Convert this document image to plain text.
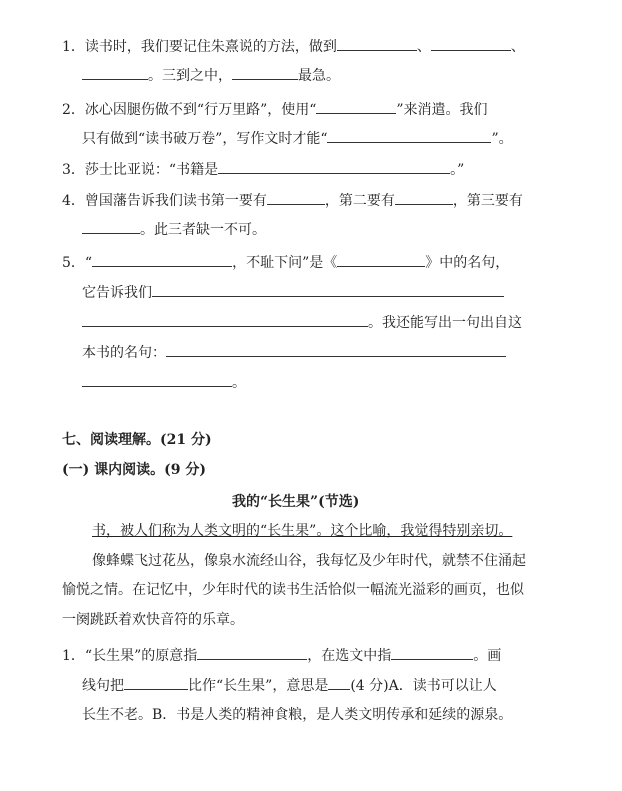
1．读书时，我们要记住朱熹说的方法，做到	、	、
。三到之中，	最急。
2．冰心因腿伤做不到“行万里路”，使用“	”来消遣。我们
只有做到“读书破万卷”，写作文时才能“	”。
3．莎士比亚说：“书籍是	。”
4．曾国藩告诉我们读书第一要有	，第二要有	，第三要有
。此三者缺一不可。
5．“	，不耻下问”是《	》中的名句，
它告诉我们
。我还能写出一句出自这
本书的名句：
。
七、阅读理解。(21 分)
(一) 课内阅读。(9 分)
我的“长生果”(节选)
书，被人们称为人类文明的“长生果”。这个比喻，我觉得特别亲切。
像蜂蝶飞过花丛，像泉水流经山谷，我每忆及少年时代，就禁不住涌起
愉悦之情。在记忆中，少年时代的读书生活恰似一幅流光溢彩的画页，也似
一阕跳跃着欢快音符的乐章。
1．“长生果”的原意指	，在选文中指	。画
线句把	比作“长生果”，意思是 (4 分)A．读书可以让人
长生不老。B．书是人类的精神食粮，是人类文明传承和延续的源泉。
